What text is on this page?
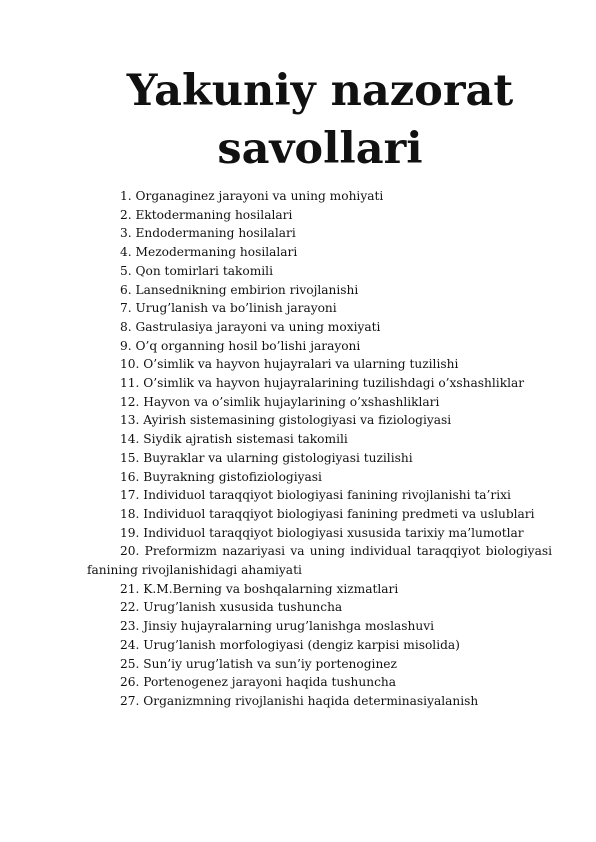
Yakuniy nazorat savollari
1. Organaginez jarayoni va uning mohiyati
2. Ektodermaning hosilalari
3. Endodermaning hosilalari
4. Mezodermaning hosilalari
5. Qon tomirlari takomili
6. Lansednikning embirion rivojlanishi
7. Urug’lanish va bo’linish jarayoni
8. Gastrulasiya jarayoni va uning moxiyati
9. O’q organning hosil bo’lishi jarayoni
10. O’simlik va hayvon hujayralari va ularning tuzilishi
11. O’simlik va hayvon hujayralarining tuzilishdagi o’xshashliklar
12. Hayvon va o’simlik hujaylarining o’xshashliklari
13. Ayirish sistemasining gistologiyasi va fiziologiyasi
14. Siydik ajratish sistemasi takomili
15. Buyraklar va ularning gistologiyasi tuzilishi
16. Buyrakning gistofiziologiyasi
17. Individuol taraqqiyot biologiyasi fanining rivojlanishi ta’rixi
18. Individuol taraqqiyot biologiyasi fanining predmeti va uslublari
19. Individuol taraqqiyot biologiyasi xususida tarixiy ma’lumotlar
20. Preformizm nazariyasi va uning individual taraqqiyot biologiyasi fanining rivojlanishidagi ahamiyati
21. K.M.Berning va boshqalarning xizmatlari
22. Urug’lanish xususida tushuncha
23. Jinsiy hujayralarning urug’lanishga moslashuvi
24. Urug’lanish morfologiyasi (dengiz karpisi misolida)
25. Sun’iy urug’latish va sun’iy portenoginez
26. Portenogenez jarayoni haqida tushuncha
27. Organizmning rivojlanishi haqida determinasiyalanish
